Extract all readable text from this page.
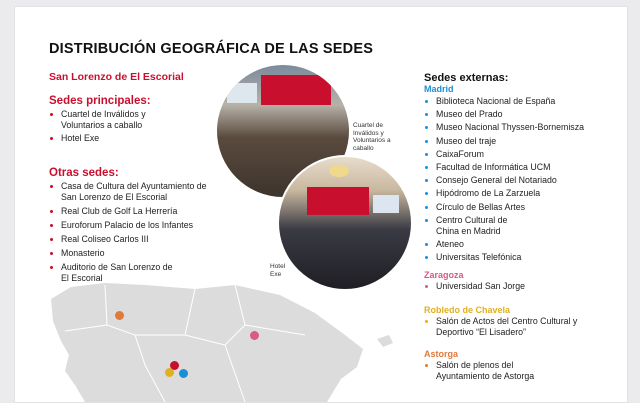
DISTRIBUCIÓN GEOGRÁFICA DE LAS SEDES
San Lorenzo de El Escorial
Sedes principales:
Cuartel de Inválidos y Voluntarios a caballo
Hotel Exe
Otras sedes:
Casa de Cultura del Ayuntamiento de San Lorenzo de El Escorial
Real Club de Golf La Herrería
Euroforum Palacio de los Infantes
Real Coliseo Carlos III
Monasterio
Auditorio de San Lorenzo de El Escorial
Cuartel de Inválidos y Voluntarios a caballo
Hotel Exe
Sedes externas:
Madrid
Biblioteca Nacional de España
Museo del Prado
Museo Nacional Thyssen-Bornemisza
Museo del traje
CaixaForum
Facultad de Informática UCM
Consejo General del Notariado
Hipódromo de La Zarzuela
Círculo de Bellas Artes
Centro Cultural de China en Madrid
Ateneo
Universitas Telefónica
Zaragoza
Universidad San Jorge
Robledo de Chavela
Salón de Actos del Centro Cultural y Deportivo “El Lisadero”
Astorga
Salón de plenos del Ayuntamiento de Astorga
